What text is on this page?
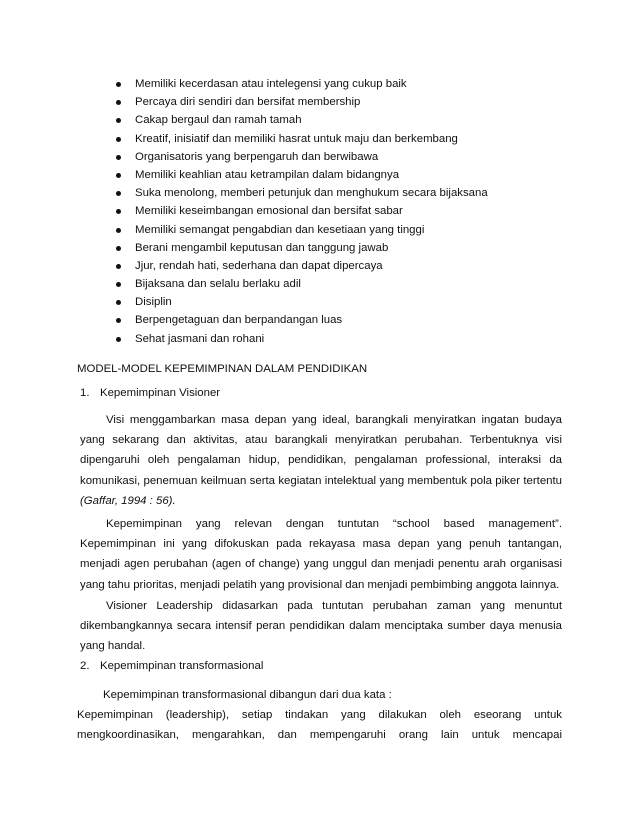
Memiliki kecerdasan atau intelegensi yang cukup baik
Percaya diri sendiri dan bersifat membership
Cakap bergaul dan ramah tamah
Kreatif, inisiatif dan memiliki hasrat untuk maju dan berkembang
Organisatoris yang berpengaruh dan berwibawa
Memiliki keahlian atau ketrampilan dalam bidangnya
Suka menolong, memberi petunjuk dan menghukum secara bijaksana
Memiliki keseimbangan emosional dan bersifat sabar
Memiliki semangat pengabdian dan kesetiaan yang tinggi
Berani mengambil keputusan dan tanggung jawab
Jjur, rendah hati, sederhana dan dapat dipercaya
Bijaksana dan selalu berlaku adil
Disiplin
Berpengetaguan dan berpandangan luas
Sehat jasmani dan rohani
MODEL-MODEL KEPEMIMPINAN DALAM PENDIDIKAN
1. Kepemimpinan Visioner
Visi menggambarkan masa depan yang ideal, barangkali menyiratkan ingatan budaya yang sekarang dan aktivitas, atau barangkali menyiratkan perubahan. Terbentuknya visi dipengaruhi oleh pengalaman hidup, pendidikan, pengalaman professional, interaksi da komunikasi, penemuan keilmuan serta kegiatan intelektual yang membentuk pola piker tertentu (Gaffar, 1994 : 56).
Kepemimpinan yang relevan dengan tuntutan “school based management”. Kepemimpinan ini yang difokuskan pada rekayasa masa depan yang penuh tantangan, menjadi agen perubahan (agen of change) yang unggul dan menjadi penentu arah organisasi yang tahu prioritas, menjadi pelatih yang provisional dan menjadi pembimbing anggota lainnya.
Visioner Leadership didasarkan pada tuntutan perubahan zaman yang menuntut dikembangkannya secara intensif peran pendidikan dalam menciptaka sumber daya menusia yang handal.
2. Kepemimpinan transformasional
Kepemimpinan transformasional dibangun dari dua kata :
Kepemimpinan (leadership), setiap tindakan yang dilakukan oleh eseorang untuk
mengkoordinasikan, mengarahkan, dan mempengaruhi orang lain untuk mencapai
